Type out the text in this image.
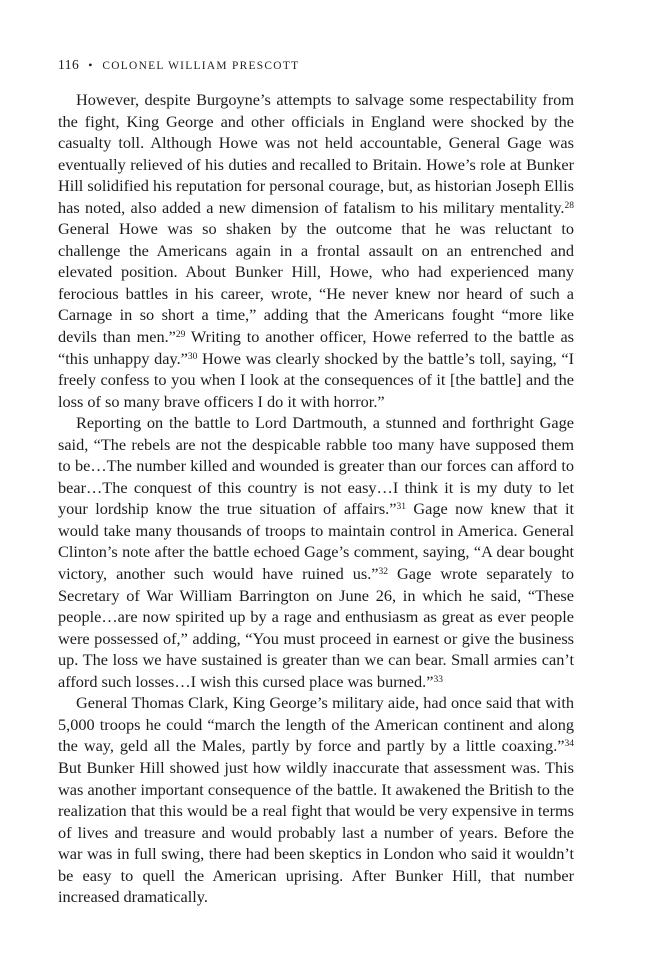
116 • COLONEL WILLIAM PRESCOTT

However, despite Burgoyne’s attempts to salvage some respectability from the fight, King George and other officials in England were shocked by the casualty toll. Although Howe was not held accountable, General Gage was eventually relieved of his duties and recalled to Britain. Howe’s role at Bunker Hill solidified his reputation for personal courage, but, as historian Joseph Ellis has noted, also added a new dimension of fatalism to his military mentality.$^{28}$ General Howe was so shaken by the outcome that he was reluctant to challenge the Americans again in a frontal assault on an entrenched and elevated position. About Bunker Hill, Howe, who had experienced many ferocious battles in his career, wrote, “He never knew nor heard of such a Carnage in so short a time,” adding that the Americans fought “more like devils than men.”$^{29}$ Writing to another officer, Howe referred to the battle as “this unhappy day.”$^{30}$ Howe was clearly shocked by the battle’s toll, saying, “I freely confess to you when I look at the consequences of it [the battle] and the loss of so many brave officers I do it with horror.”

Reporting on the battle to Lord Dartmouth, a stunned and forthright Gage said, “The rebels are not the despicable rabble too many have supposed them to be…The number killed and wounded is greater than our forces can afford to bear…The conquest of this country is not easy…I think it is my duty to let your lordship know the true situation of affairs.”$^{31}$ Gage now knew that it would take many thousands of troops to maintain control in America. General Clinton’s note after the battle echoed Gage’s comment, saying, “A dear bought victory, another such would have ruined us.”$^{32}$ Gage wrote separately to Secretary of War William Barrington on June 26, in which he said, “These people…are now spirited up by a rage and enthusiasm as great as ever people were possessed of,” adding, “You must proceed in earnest or give the business up. The loss we have sustained is greater than we can bear. Small armies can’t afford such losses…I wish this cursed place was burned.”$^{33}$

General Thomas Clark, King George’s military aide, had once said that with 5,000 troops he could “march the length of the American continent and along the way, geld all the Males, partly by force and partly by a little coaxing.”$^{34}$ But Bunker Hill showed just how wildly inaccurate that assessment was. This was another important consequence of the battle. It awakened the British to the realization that this would be a real fight that would be very expensive in terms of lives and treasure and would probably last a number of years. Before the war was in full swing, there had been skeptics in London who said it wouldn’t be easy to quell the American uprising. After Bunker Hill, that number increased dramatically.
